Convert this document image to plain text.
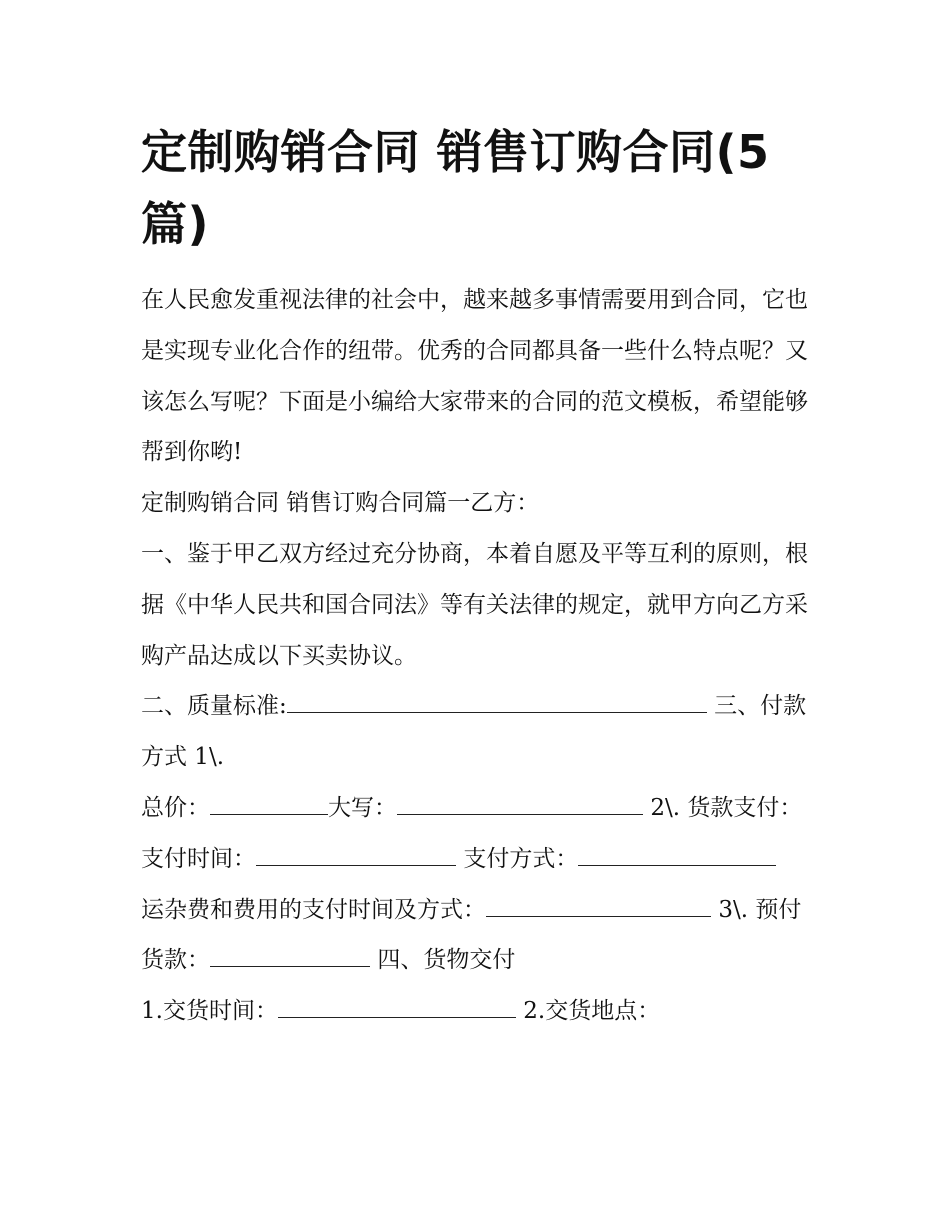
定制购销合同 销售订购合同(5篇)

在人民愈发重视法律的社会中，越来越多事情需要用到合同，它也是实现专业化合作的纽带。优秀的合同都具备一些什么特点呢？又该怎么写呢？下面是小编给大家带来的合同的范文模板，希望能够帮到你哟!

定制购销合同 销售订购合同篇一乙方：

一、鉴于甲乙双方经过充分协商，本着自愿及平等互利的原则，根据《中华人民共和国合同法》等有关法律的规定，就甲方向乙方采购产品达成以下买卖协议。

二、质量标准:	三、付款方式 1\.

总价：	大写：	2\. 货款支付：

支付时间：	支付方式：

运杂费和费用的支付时间及方式：	3\. 预付货款：	四、货物交付

1.交货时间：	2.交货地点：
